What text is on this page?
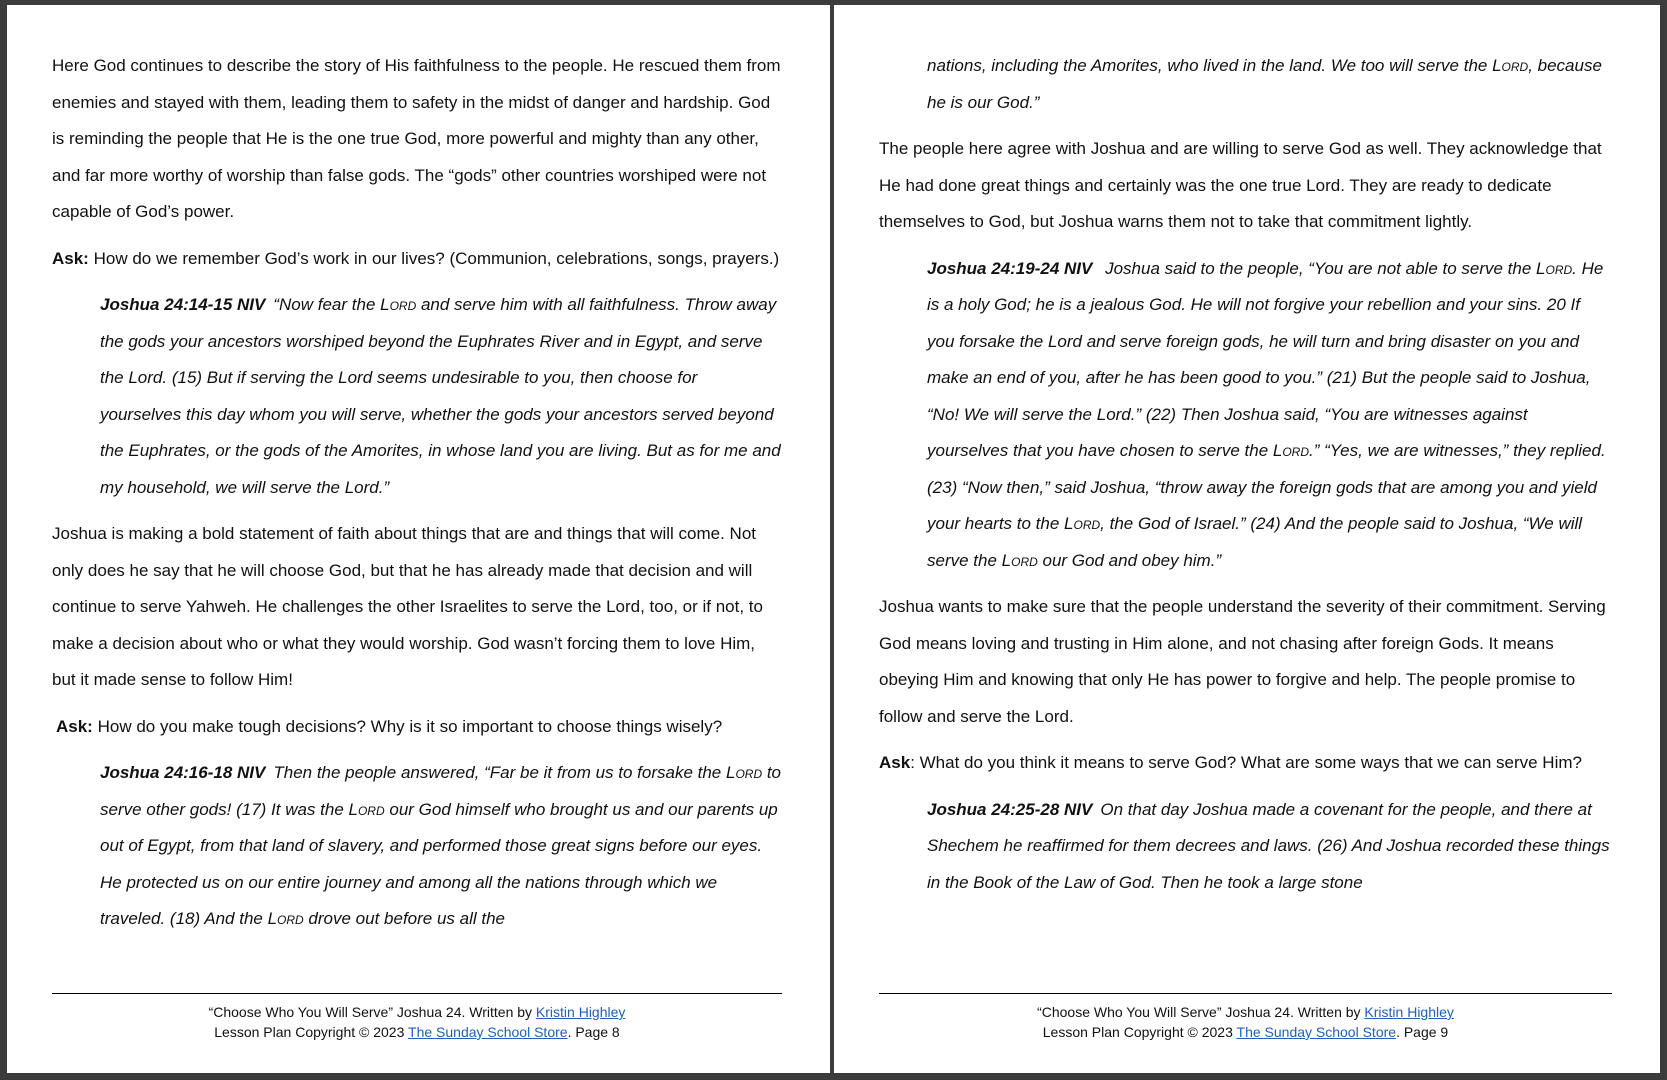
Here God continues to describe the story of His faithfulness to the people. He rescued them from enemies and stayed with them, leading them to safety in the midst of danger and hardship. God is reminding the people that He is the one true God, more powerful and mighty than any other, and far more worthy of worship than false gods. The “gods” other countries worshiped were not capable of God’s power.

Ask: How do we remember God’s work in our lives? (Communion, celebrations, songs, prayers.)

Joshua 24:14-15 NIV “Now fear the Lord and serve him with all faithfulness. Throw away the gods your ancestors worshiped beyond the Euphrates River and in Egypt, and serve the Lord. (15) But if serving the Lord seems undesirable to you, then choose for yourselves this day whom you will serve, whether the gods your ancestors served beyond the Euphrates, or the gods of the Amorites, in whose land you are living. But as for me and my household, we will serve the Lord.”

Joshua is making a bold statement of faith about things that are and things that will come. Not only does he say that he will choose God, but that he has already made that decision and will continue to serve Yahweh. He challenges the other Israelites to serve the Lord, too, or if not, to make a decision about who or what they would worship. God wasn’t forcing them to love Him, but it made sense to follow Him!

Ask: How do you make tough decisions? Why is it so important to choose things wisely?

Joshua 24:16-18 NIV Then the people answered, “Far be it from us to forsake the Lord to serve other gods! (17) It was the Lord our God himself who brought us and our parents up out of Egypt, from that land of slavery, and performed those great signs before our eyes. He protected us on our entire journey and among all the nations through which we traveled. (18) And the Lord drove out before us all the

“Choose Who You Will Serve” Joshua 24. Written by Kristin Highley
Lesson Plan Copyright © 2023 The Sunday School Store. Page 8

nations, including the Amorites, who lived in the land. We too will serve the Lord, because he is our God.”

The people here agree with Joshua and are willing to serve God as well. They acknowledge that He had done great things and certainly was the one true Lord. They are ready to dedicate themselves to God, but Joshua warns them not to take that commitment lightly.

Joshua 24:19-24 NIV Joshua said to the people, “You are not able to serve the Lord. He is a holy God; he is a jealous God. He will not forgive your rebellion and your sins. 20 If you forsake the Lord and serve foreign gods, he will turn and bring disaster on you and make an end of you, after he has been good to you.” (21) But the people said to Joshua, “No! We will serve the Lord.” (22) Then Joshua said, “You are witnesses against yourselves that you have chosen to serve the Lord.” “Yes, we are witnesses,” they replied. (23) “Now then,” said Joshua, “throw away the foreign gods that are among you and yield your hearts to the Lord, the God of Israel.” (24) And the people said to Joshua, “We will serve the Lord our God and obey him.”

Joshua wants to make sure that the people understand the severity of their commitment. Serving God means loving and trusting in Him alone, and not chasing after foreign Gods. It means obeying Him and knowing that only He has power to forgive and help. The people promise to follow and serve the Lord.

Ask: What do you think it means to serve God? What are some ways that we can serve Him?

Joshua 24:25-28 NIV On that day Joshua made a covenant for the people, and there at Shechem he reaffirmed for them decrees and laws. (26) And Joshua recorded these things in the Book of the Law of God. Then he took a large stone

“Choose Who You Will Serve” Joshua 24. Written by Kristin Highley
Lesson Plan Copyright © 2023 The Sunday School Store. Page 9
